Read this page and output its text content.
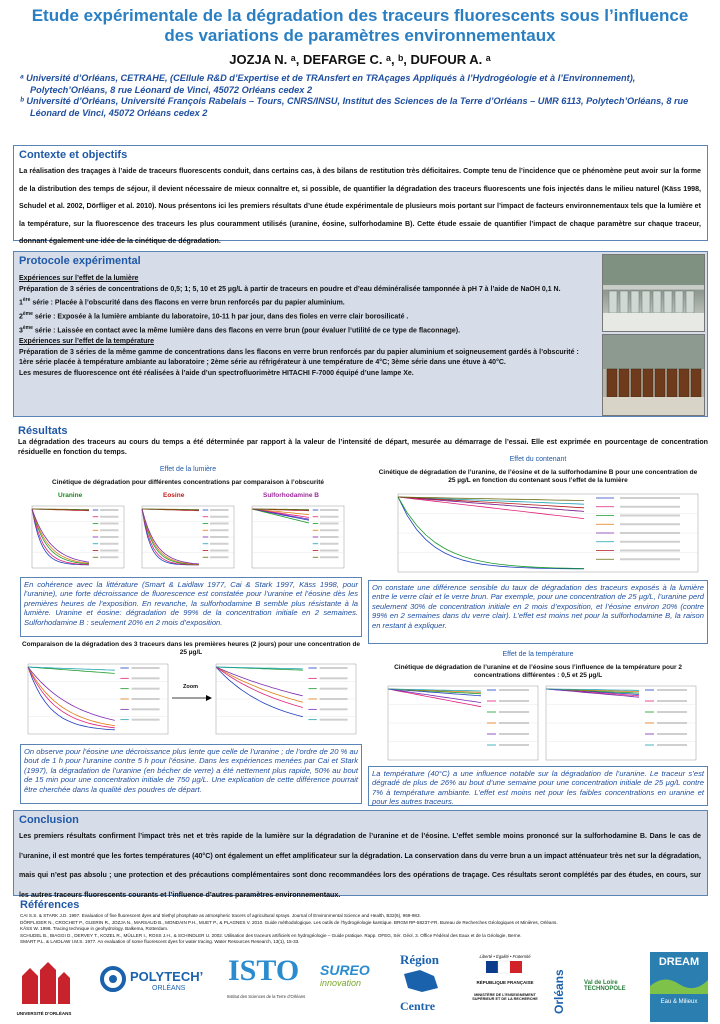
Etude expérimentale de la dégradation des traceurs fluorescents sous l’influence des variations de paramètres environnementaux
JOZJA N. ᵃ, DEFARGE C. ᵃ, ᵇ, DUFOUR A. ᵃ
ᵃ Université d’Orléans, CETRAHE, (CEllule R&D d’Expertise et de TRAnsfert en TRAçages Appliqués à l’Hydrogéologie et à l’Environnement), Polytech’Orléans, 8 rue Léonard de Vinci, 45072 Orléans cedex 2
ᵇ Université d’Orléans, Université François Rabelais – Tours, CNRS/INSU, Institut des Sciences de la Terre d’Orléans – UMR 6113, Polytech’Orléans, 8 rue Léonard de Vinci, 45072 Orléans cedex 2
Contexte et objectifs
La réalisation des traçages à l’aide de traceurs fluorescents conduit, dans certains cas, à des bilans de restitution très déficitaires. Compte tenu de l’incidence que ce phénomène peut avoir sur la forme de la distribution des temps de séjour, il devient nécessaire de mieux connaître et, si possible, de quantifier la dégradation des traceurs fluorescents une fois injectés dans le milieu naturel (Käss 1998, Schudel et al. 2002, Dörfliger et al. 2010). Nous présentons ici les premiers résultats d’une étude expérimentale de plusieurs mois portant sur l’impact de facteurs environnementaux tels que la lumière et la température, sur la fluorescence des traceurs les plus couramment utilisés (uranine, éosine, sulforhodamine B). Cette étude essaie de quantifier l’impact de chaque paramètre sur chaque traceur, donnant également une idée de la cinétique de dégradation.
Protocole expérimental
Expériences sur l’effet de la lumière
Préparation de 3 séries de concentrations de 0,5; 1; 5, 10 et 25 µg/L à partir de traceurs en poudre et d’eau déminéralisée tamponnée à pH 7 à l’aide de NaOH 0,1 N.
1ère série : Placée à l’obscurité dans des flacons en verre brun renforcés par du papier aluminium.
2ème série : Exposée à la lumière ambiante du laboratoire, 10-11 h par jour, dans des fioles en verre clair borosilicaté .
3ème série : Laissée en contact avec la même lumière dans des flacons en verre brun (pour évaluer l’utilité de ce type de flaconnage).
Expériences sur l’effet de la température
Préparation de 3 séries de la même gamme de concentrations dans les flacons en verre brun renforcés par du papier aluminium et soigneusement gardés à l’obscurité : 1ère série placée à température ambiante au laboratoire ; 2ème série au réfrigérateur à une température de 4°C; 3ème série dans une étuve à 40°C.
Les mesures de fluorescence ont été réalisées à l’aide d’un spectrofluorimètre HITACHI F-7000 équipé d’une lampe Xe.
Résultats
La dégradation des traceurs au cours du temps a été déterminée par rapport à la valeur de l’intensité de départ, mesurée au démarrage de l’essai. Elle est exprimée en pourcentage de concentration résiduelle en fonction du temps.
Effet de la lumière
Cinétique de dégradation pour différentes concentrations par comparaison à l’obscurité
Uranine	Eosine	Sulforhodamine B
En cohérence avec la littérature (Smart & Laidlaw 1977, Cai & Stark 1997, Käss 1998, pour l’uranine), une forte décroissance de fluorescence est constatée pour l’uranine et l’éosine dès les premières heures de l’exposition. En revanche, la sulforhodamine B semble plus résistante à la lumière. Uranine et éosine: dégradation de 99% de la concentration initiale en 2 semaines. Sulforhodamine B : seulement 20% en 2 mois d’exposition.
Comparaison de la dégradation des 3 traceurs dans les premières heures (2 jours) pour une concentration de 25 µg/L
Zoom
On observe pour l’éosine une décroissance plus lente que celle de l’uranine ; de l’ordre de 20 % au bout de 1 h pour l’uranine contre 5 h pour l’éosine. Dans les expériences menées par Cai et Stark (1997), la dégradation de l’uranine (en bécher de verre) a été nettement plus rapide, 50% au bout de 15 min pour une concentration initiale de 750 µg/L. Une explication de cette différence pourrait être cherchée dans la qualité des poudres de départ.
Effet du contenant
Cinétique de dégradation de l’uranine, de l’éosine et de la sulforhodamine B pour une concentration de 25 µg/L en fonction du contenant sous l’effet de la lumière
On constate une différence sensible du taux de dégradation des traceurs exposés à la lumière entre le verre clair et le verre brun. Par exemple, pour une concentration de 25 µg/L, l’uranine perd seulement 30% de concentration initiale en 2 mois d’exposition, et l’éosine environ 20% (contre 99% en 2 semaines dans du verre clair). L’effet est moins net pour la sulforhodamine B, la raison en restant à expliquer.
Effet de la température
Cinétique de dégradation de l’uranine et de l’éosine sous l’influence de la température pour 2 concentrations différentes : 0,5 et 25 µg/L
La température (40°C) a une influence notable sur la dégradation de l’uranine. Le traceur s’est dégradé de plus de 26% au bout d’une semaine pour une concentration initiale de 25 µg/L contre 7% à température ambiante. L’effet est moins net pour les faibles concentrations en uranine et pour les autres traceurs.
Conclusion
Les premiers résultats confirment l’impact très net et très rapide de la lumière sur la dégradation de l’uranine et de l’éosine. L’effet semble moins prononcé sur la sulforhodamine B. Dans le cas de l’uranine, il est montré que les fortes températures (40°C) ont également un effet amplificateur sur la dégradation. La conservation dans du verre brun a un impact atténuateur très net sur la dégradation, mais qui n’est pas absolu ; une protection et des précautions complémentaires sont donc recommandées lors des opérations de traçage. Ces résultats seront complétés par des études, en cours, sur les autres traceurs fluorescents courants et l’influence d’autres paramètres environnementaux.
Références
CAI S.S. & STARK J.D. 1997. Evaluation of five fluorescent dyes and triethyl phosphate as atmospheric tracers of agricultural sprays. Journal of Environmental Science and Health, B32(6), 969-983.
DÖRFLIGER N., CROCHET P., GUERIN R., JOZJA N., MARSAUD B., MONDAIN P.H., MUET P., & PLAGNES V. 2010. Guide méthodologique. Les outils de l’hydrogéologie karstique. BRGM RP-58237-FR. Bureau de Recherches Géologiques et Minières, Orléans.
KÄSS W. 1998. Tracing technique in geohydrology. Balkema, Rotterdam.
SCHUDEL B., BIAGGI D., DERVEY T., KOZEL R., MÜLLER I., ROSS J.H., & SCHINDLER U. 2002. Utilisation des traceurs artificiels en hydrogéologie – Guide pratique. Rapp. OFEG, Sér. Géol. 3. Office Fédéral des Eaux et de la Géologie, Berne.
SMART P.L. & LAIDLAW I.M.S. 1977. An evaluation of some fluorescent dyes for water tracing. Water Resources Research, 13(1), 15-33.
UNIVERSITÉ D’ORLÉANS
POLYTECH’
ORLÉANS
ISTO
Institut des Sciences de la Terre d’Orléans
SUREO
innovation
Région
Centre
Liberté • Égalité • Fraternité
RÉPUBLIQUE FRANÇAISE
MINISTÈRE DE L’ENSEIGNEMENT SUPÉRIEUR ET DE LA RECHERCHE Orléans	Val de Loire TECHNOPOLE
DREAM
Eau & Milieux
